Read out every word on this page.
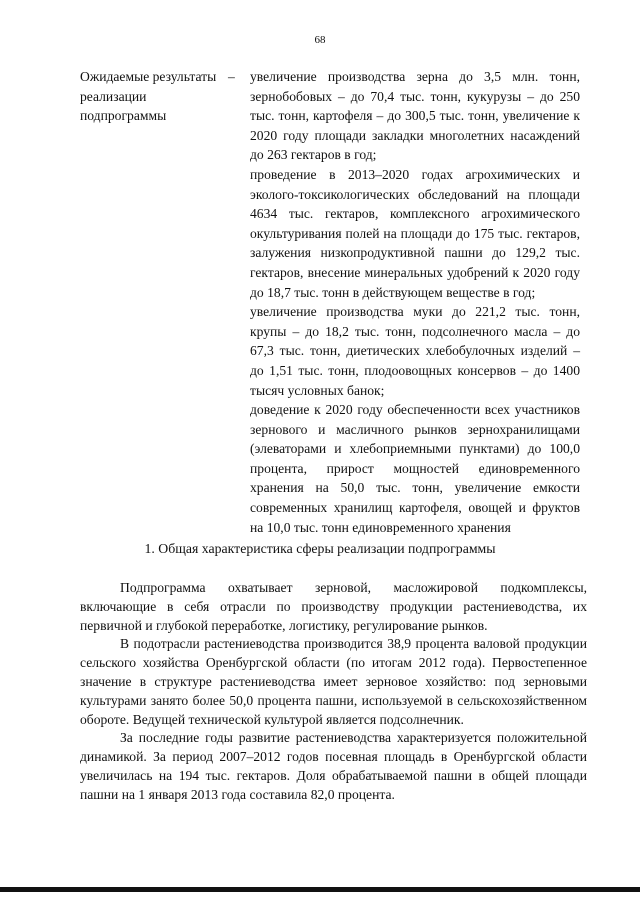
68
Ожидаемые результаты реализации подпрограммы
– увеличение производства зерна до 3,5 млн. тонн, зернобобовых – до 70,4 тыс. тонн, кукурузы – до 250 тыс. тонн, картофеля – до 300,5 тыс. тонн, увеличение к 2020 году площади закладки многолетних насаждений до 263 гектаров в год;

проведение в 2013–2020 годах агрохимических и эколого-токсикологических обследований на площади 4634 тыс. гектаров, комплексного агрохимического окультуривания полей на площади до 175 тыс. гектаров, залужения низкопродуктивной пашни до 129,2 тыс. гектаров, внесение минеральных удобрений к 2020 году до 18,7 тыс. тонн в действующем веществе в год;

увеличение производства муки до 221,2 тыс. тонн, крупы – до 18,2 тыс. тонн, подсолнечного масла – до 67,3 тыс. тонн, диетических хлебобулочных изделий – до 1,51 тыс. тонн, плодоовощных консервов – до 1400 тысяч условных банок;

доведение к 2020 году обеспеченности всех участников зернового и масличного рынков зернохранилищами (элеваторами и хлебоприемными пунктами) до 100,0 процента, прирост мощностей единовременного хранения на 50,0 тыс. тонн, увеличение емкости современных хранилищ картофеля, овощей и фруктов на 10,0 тыс. тонн единовременного хранения

1. Общая характеристика сферы реализации подпрограммы

Подпрограмма охватывает зерновой, масложировой подкомплексы, включающие в себя отрасли по производству продукции растениеводства, их первичной и глубокой переработке, логистику, регулирование рынков.

В подотрасли растениеводства производится 38,9 процента валовой продукции сельского хозяйства Оренбургской области (по итогам 2012 года). Первостепенное значение в структуре растениеводства имеет зерновое хозяйство: под зерновыми культурами занято более 50,0 процента пашни, используемой в сельскохозяйственном обороте. Ведущей технической культурой является подсолнечник.

За последние годы развитие растениеводства характеризуется положительной динамикой. За период 2007–2012 годов посевная площадь в Оренбургской области увеличилась на 194 тыс. гектаров. Доля обрабатываемой пашни в общей площади пашни на 1 января 2013 года составила 82,0 процента.
